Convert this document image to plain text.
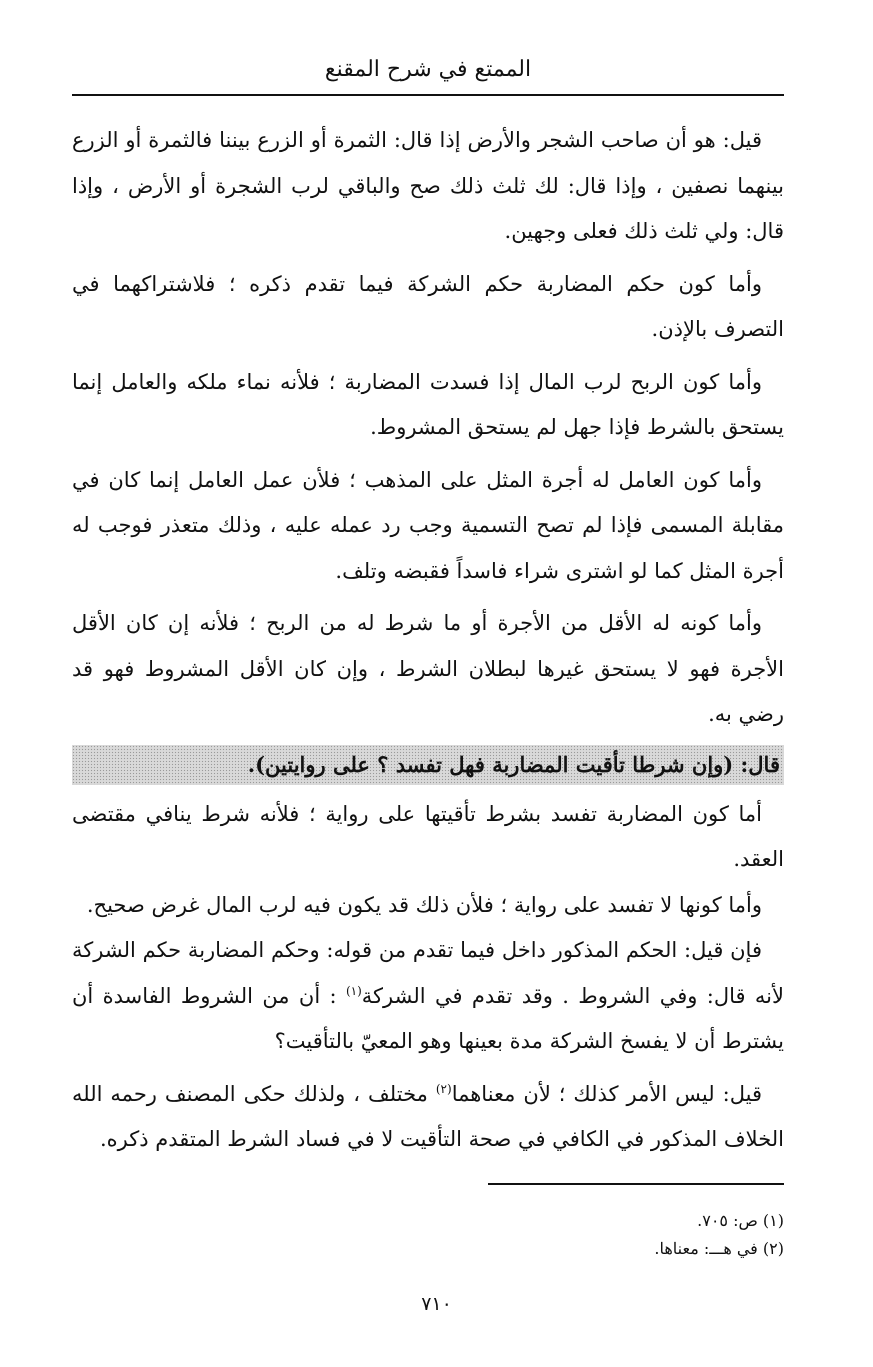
الممتع في شرح المقنع

قيل: هو أن صاحب الشجر والأرض إذا قال: الثمرة أو الزرع بيننا فالثمرة أو الزرع بينهما نصفين ، وإذا قال: لك ثلث ذلك صح والباقي لرب الشجرة أو الأرض ، وإذا قال: ولي ثلث ذلك فعلى وجهين.

وأما كون حكم المضاربة حكم الشركة فيما تقدم ذكره ؛ فلاشتراكهما في التصرف بالإذن.

وأما كون الربح لرب المال إذا فسدت المضاربة ؛ فلأنه نماء ملكه والعامل إنما يستحق بالشرط فإذا جهل لم يستحق المشروط.

وأما كون العامل له أجرة المثل على المذهب ؛ فلأن عمل العامل إنما كان في مقابلة المسمى فإذا لم تصح التسمية وجب رد عمله عليه ، وذلك متعذر فوجب له أجرة المثل كما لو اشترى شراء فاسداً فقبضه وتلف.

وأما كونه له الأقل من الأجرة أو ما شرط له من الربح ؛ فلأنه إن كان الأقل الأجرة فهو لا يستحق غيرها لبطلان الشرط ، وإن كان الأقل المشروط فهو قد رضي به.

قال: (وإن شرطا تأقيت المضاربة فهل تفسد ؟ على روايتين).

أما كون المضاربة تفسد بشرط تأقيتها على رواية ؛ فلأنه شرط ينافي مقتضى العقد.

وأما كونها لا تفسد على رواية ؛ فلأن ذلك قد يكون فيه لرب المال غرض صحيح.

فإن قيل: الحكم المذكور داخل فيما تقدم من قوله: وحكم المضاربة حكم الشركة لأنه قال: وفي الشروط . وقد تقدم في الشركة$^{(١)}$ : أن من الشروط الفاسدة أن يشترط أن لا يفسخ الشركة مدة بعينها وهو المعيّ بالتأقيت؟

قيل: ليس الأمر كذلك ؛ لأن معناهما$^{(٢)}$ مختلف ، ولذلك حكى المصنف رحمه الله الخلاف المذكور في الكافي في صحة التأقيت لا في فساد الشرط المتقدم ذكره.

(١) ص: ٧٠٥.
(٢) في هـــ: معناها.
٧١٠
